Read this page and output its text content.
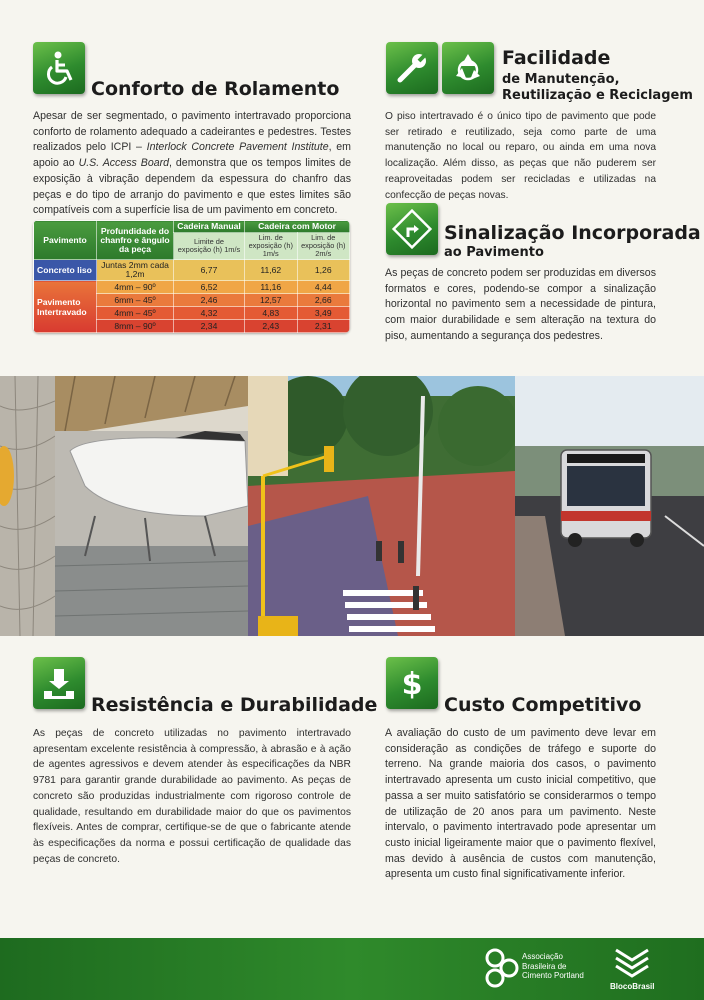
Conforto de Rolamento
Apesar de ser segmentado, o pavimento intertravado proporciona conforto de rolamento adequado a cadeirantes e pedestres. Testes realizados pelo ICPI – Interlock Concrete Pavement Institute, em apoio ao U.S. Access Board, demonstra que os tempos limites de exposição à vibração dependem da espessura do chanfro das peças e do tipo de arranjo do pavimento e que estes limites são compatíveis com a superfície lisa de um pavimento em concreto.
Pavimento	Profundidade do chanfro e ângulo da peça	Cadeira Manual	Cadeira com Motor	
		Limite de exposição (h) 1m/s	Lim. de exposição (h) 1m/s	Lim. de exposição (h) 2m/s
Concreto liso	Juntas 2mm cada 1,2m	6,77	11,62	1,26
Pavimento Intertravado	4mm – 90º	6,52	11,16	4,44
	6mm – 45º	2,46	12,57	2,66
	4mm – 45º	4,32	4,83	3,49
	8mm – 90º	2,34	2,43	2,31
Facilidade
de Manutenção,
Reutilização e Reciclagem
O piso intertravado é o único tipo de pavimento que pode ser retirado e reutilizado, seja como parte de uma manutenção no local ou reparo, ou ainda em uma nova localização. Além disso, as peças que não puderem ser reaproveitadas podem ser recicladas e utilizadas na confecção de peças novas.
Sinalização Incorporada
ao Pavimento
As peças de concreto podem ser produzidas em diversos formatos e cores, podendo-se compor a sinalização horizontal no pavimento sem a necessidade de pintura, com maior durabilidade e sem alteração na textura do piso, aumentando a segurança dos pedestres.
Resistência e Durabilidade
As peças de concreto utilizadas no pavimento intertravado apresentam excelente resistência à compressão, à abrasão e à ação de agentes agressivos e devem atender às especificações da NBR 9781 para garantir grande durabilidade ao pavimento. As peças de concreto são produzidas industrialmente com rigoroso controle de qualidade, resultando em durabilidade maior do que os pavimentos flexíveis. Antes de comprar, certifique-se de que o fabricante atende às especificações da norma e possui certificação de qualidade das peças de concreto.
$
Custo Competitivo
A avaliação do custo de um pavimento deve levar em consideração as condições de tráfego e suporte do terreno. Na grande maioria dos casos, o pavimento intertravado apresenta um custo inicial competitivo, que passa a ser muito satisfatório se considerarmos o tempo de utilização de 20 anos para um pavimento. Neste intervalo, o pavimento intertravado pode apresentar um custo inicial ligeiramente maior que o pavimento flexível, mas devido à ausência de custos com manutenção, apresenta um custo final significativamente inferior.
Associação
Brasileira de
Cimento Portland
BlocoBrasil
